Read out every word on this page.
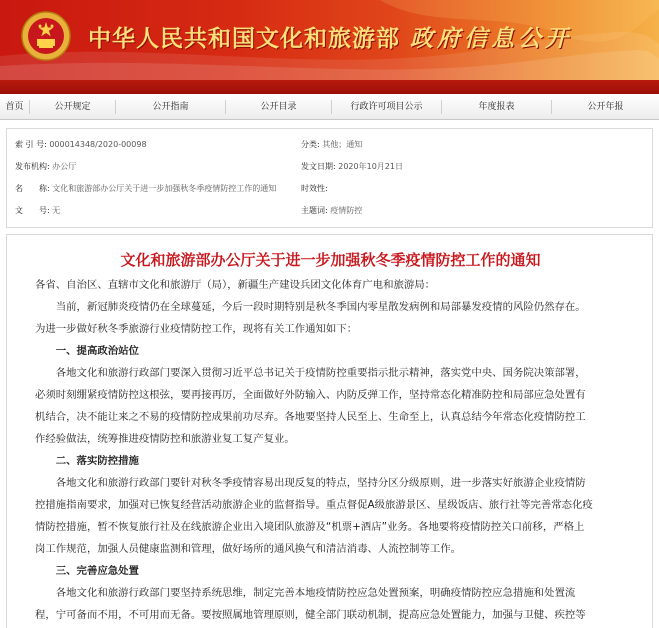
中华人民共和国文化和旅游部 政府信息公开
首页	公开规定	公开指南	公开目录	行政许可项目公示	年度报表	公开年报
索 引 号: 000014348/2020-00098	分类: 其他；通知
发布机构: 办公厅	发文日期: 2020年10月21日
名　　称: 文化和旅游部办公厅关于进一步加强秋冬季疫情防控工作的通知	时效性:
文　　号: 无	主题词: 疫情防控
文化和旅游部办公厅关于进一步加强秋冬季疫情防控工作的通知
各省、自治区、直辖市文化和旅游厅（局），新疆生产建设兵团文化体育广电和旅游局：
　　当前，新冠肺炎疫情仍在全球蔓延，今后一段时期特别是秋冬季国内零星散发病例和局部暴发疫情的风险仍然存在。
为进一步做好秋冬季旅游行业疫情防控工作，现将有关工作通知如下：
　　一、提高政治站位
　　各地文化和旅游行政部门要深入贯彻习近平总书记关于疫情防控重要指示批示精神，落实党中央、国务院决策部署，
必须时刻绷紧疫情防控这根弦，要再接再厉，全面做好外防输入、内防反弹工作，坚持常态化精准防控和局部应急处置有
机结合，决不能让来之不易的疫情防控成果前功尽弃。各地要坚持人民至上、生命至上，认真总结今年常态化疫情防控工
作经验做法，统筹推进疫情防控和旅游业复工复产复业。
　　二、落实防控措施
　　各地文化和旅游行政部门要针对秋冬季疫情容易出现反复的特点，坚持分区分级原则，进一步落实好旅游企业疫情防
控措施指南要求，加强对已恢复经营活动旅游企业的监督指导。重点督促A级旅游景区、星级饭店、旅行社等完善常态化疫
情防控措施，暂不恢复旅行社及在线旅游企业出入境团队旅游及“机票+酒店”业务。各地要将疫情防控关口前移，严格上
岗工作规范，加强人员健康监测和管理，做好场所的通风换气和清洁消毒、人流控制等工作。
　　三、完善应急处置
　　各地文化和旅游行政部门要坚持系统思维，制定完善本地疫情防控应急处置预案，明确疫情防控应急措施和处置流
程，宁可备而不用，不可用而无备。要按照属地管理原则，健全部门联动机制，提高应急处置能力，加强与卫健、疾控等
